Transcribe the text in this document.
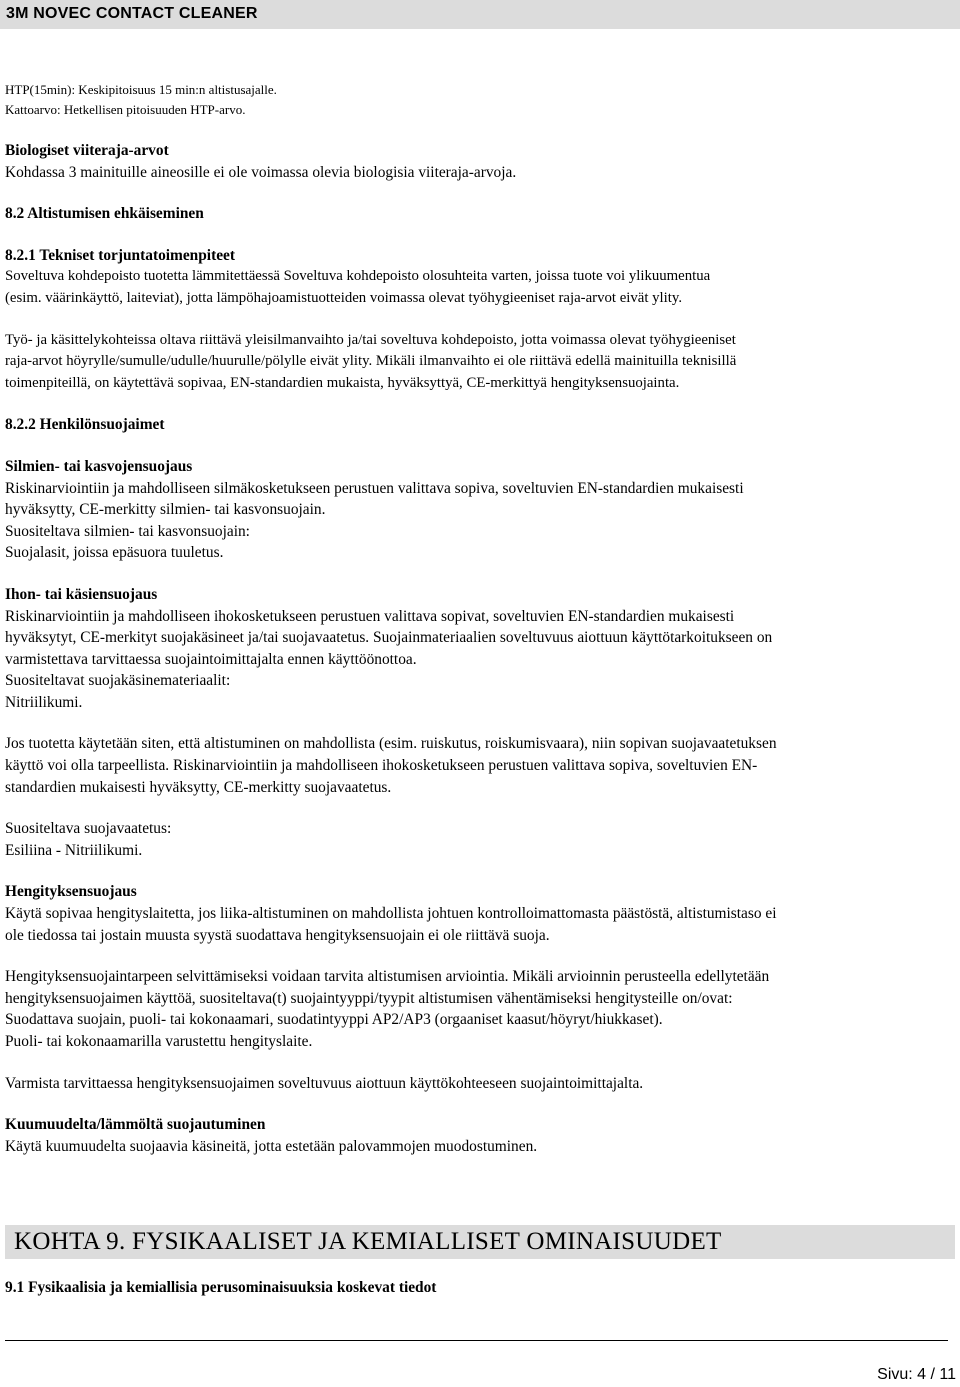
3M NOVEC CONTACT CLEANER

HTP(15min): Keskipitoisuus 15 min:n altistusajalle.

Kattoarvo: Hetkellisen pitoisuuden HTP-arvo.

Biologiset viiteraja-arvot

Kohdassa 3 mainituille aineosille ei ole voimassa olevia biologisia viiteraja-arvoja.

8.2 Altistumisen ehkäiseminen

8.2.1 Tekniset torjuntatoimenpiteet

Soveltuva kohdepoisto tuotetta lämmitettäessä Soveltuva kohdepoisto olosuhteita varten, joissa tuote voi ylikuumentua

(esim. väärinkäyttö, laiteviat), jotta lämpöhajoamistuotteiden voimassa olevat työhygieeniset raja-arvot eivät ylity.

Työ- ja käsittelykohteissa oltava riittävä yleisilmanvaihto ja/tai soveltuva kohdepoisto, jotta voimassa olevat työhygieeniset

raja-arvot höyrylle/sumulle/udulle/huurulle/pölylle eivät ylity. Mikäli ilmanvaihto ei ole riittävä edellä mainituilla teknisillä

toimenpiteillä, on käytettävä sopivaa, EN-standardien mukaista, hyväksyttyä, CE-merkittyä hengityksensuojainta.

8.2.2 Henkilönsuojaimet

Silmien- tai kasvojensuojaus

Riskinarviointiin ja mahdolliseen silmäkosketukseen perustuen valittava sopiva, soveltuvien EN-standardien mukaisesti

hyväksytty, CE-merkitty silmien- tai kasvonsuojain.

Suositeltava silmien- tai kasvonsuojain:

Suojalasit, joissa epäsuora tuuletus.

Ihon- tai käsiensuojaus

Riskinarviointiin ja mahdolliseen ihokosketukseen perustuen valittava sopivat, soveltuvien EN-standardien mukaisesti

hyväksytyt, CE-merkityt suojakäsineet ja/tai suojavaatetus. Suojainmateriaalien soveltuvuus aiottuun käyttötarkoitukseen on

varmistettava tarvittaessa suojaintoimittajalta ennen käyttöönottoa.

Suositeltavat suojakäsinemateriaalit:

Nitriilikumi.

Jos tuotetta käytetään siten, että altistuminen on mahdollista (esim. ruiskutus, roiskumisvaara), niin sopivan suojavaatetuksen

käyttö voi olla tarpeellista. Riskinarviointiin ja mahdolliseen ihokosketukseen perustuen valittava sopiva, soveltuvien EN-

standardien mukaisesti hyväksytty, CE-merkitty suojavaatetus.

Suositeltava suojavaatetus:

Esiliina - Nitriilikumi.

Hengityksensuojaus

Käytä sopivaa hengityslaitetta, jos liika-altistuminen on mahdollista johtuen kontrolloimattomasta päästöstä, altistumistaso ei

ole tiedossa tai jostain muusta syystä suodattava hengityksensuojain ei ole riittävä suoja.

Hengityksensuojaintarpeen selvittämiseksi voidaan tarvita altistumisen arviointia. Mikäli arvioinnin perusteella edellytetään

hengityksensuojaimen käyttöä, suositeltava(t) suojaintyyppi/tyypit altistumisen vähentämiseksi hengitysteille on/ovat:

Suodattava suojain, puoli- tai kokonaamari, suodatintyyppi AP2/AP3 (orgaaniset kaasut/höyryt/hiukkaset).

Puoli- tai kokonaamarilla varustettu hengityslaite.

Varmista tarvittaessa hengityksensuojaimen soveltuvuus aiottuun käyttökohteeseen suojaintoimittajalta.

Kuumuudelta/lämmöltä suojautuminen

Käytä kuumuudelta suojaavia käsineitä, jotta estetään palovammojen muodostuminen.

KOHTA 9. FYSIKAALISET JA KEMIALLISET OMINAISUUDET
9.1 Fysikaalisia ja kemiallisia perusominaisuuksia koskevat tiedot
Sivu: 4 / 11
